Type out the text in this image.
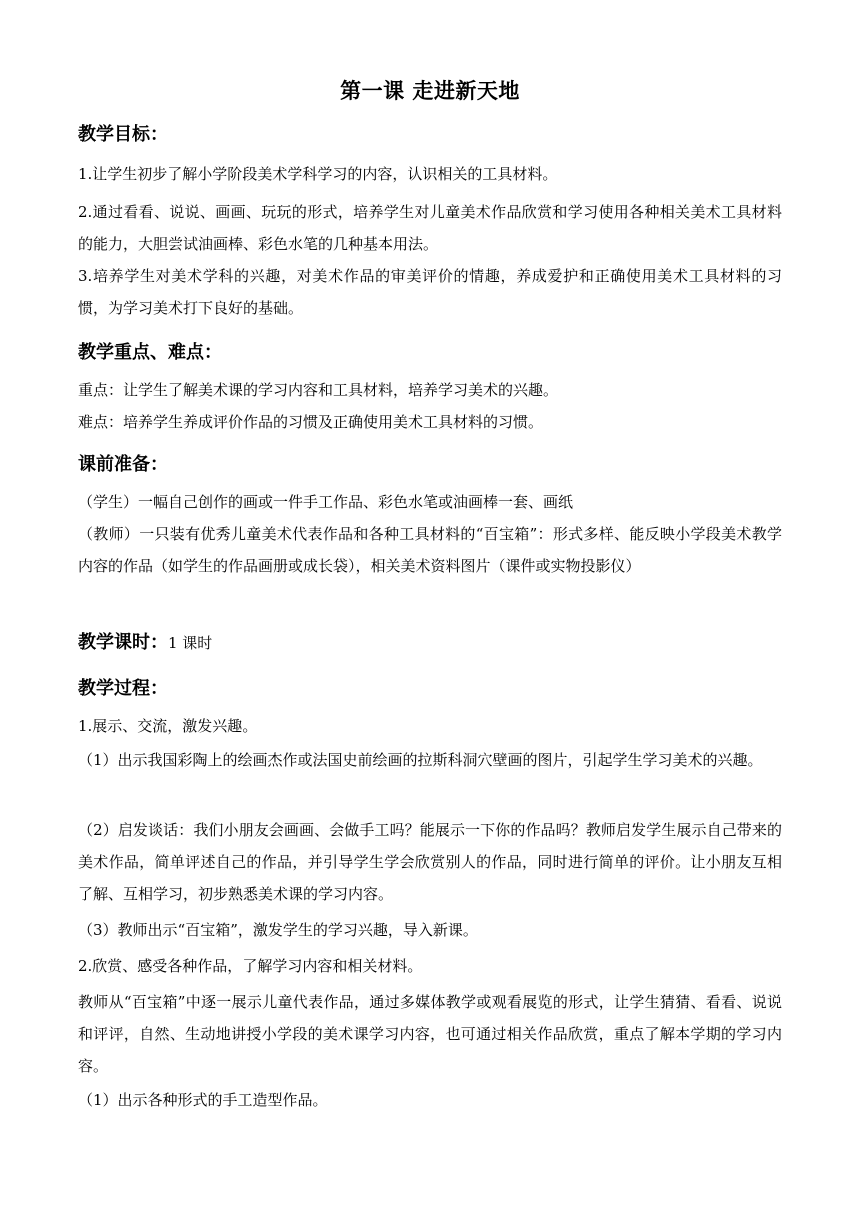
第一课 走进新天地
教学目标：
1.让学生初步了解小学阶段美术学科学习的内容，认识相关的工具材料。
2.通过看看、说说、画画、玩玩的形式，培养学生对儿童美术作品欣赏和学习使用各种相关美术工具材料的能力，大胆尝试油画棒、彩色水笔的几种基本用法。
3.培养学生对美术学科的兴趣，对美术作品的审美评价的情趣，养成爱护和正确使用美术工具材料的习惯，为学习美术打下良好的基础。
教学重点、难点：
重点：让学生了解美术课的学习内容和工具材料，培养学习美术的兴趣。
难点：培养学生养成评价作品的习惯及正确使用美术工具材料的习惯。
课前准备：
（学生）一幅自己创作的画或一件手工作品、彩色水笔或油画棒一套、画纸
（教师）一只装有优秀儿童美术代表作品和各种工具材料的“百宝箱”：形式多样、能反映小学段美术教学内容的作品（如学生的作品画册或成长袋），相关美术资料图片（课件或实物投影仪）
教学课时：1 课时
教学过程：
1.展示、交流，激发兴趣。
（1）出示我国彩陶上的绘画杰作或法国史前绘画的拉斯科洞穴壁画的图片，引起学生学习美术的兴趣。
（2）启发谈话：我们小朋友会画画、会做手工吗？能展示一下你的作品吗？教师启发学生展示自己带来的美术作品，简单评述自己的作品，并引导学生学会欣赏别人的作品，同时进行简单的评价。让小朋友互相了解、互相学习，初步熟悉美术课的学习内容。
（3）教师出示“百宝箱”，激发学生的学习兴趣，导入新课。
2.欣赏、感受各种作品，了解学习内容和相关材料。
教师从“百宝箱”中逐一展示儿童代表作品，通过多媒体教学或观看展览的形式，让学生猜猜、看看、说说和评评，自然、生动地讲授小学段的美术课学习内容，也可通过相关作品欣赏，重点了解本学期的学习内容。
（1）出示各种形式的手工造型作品。
